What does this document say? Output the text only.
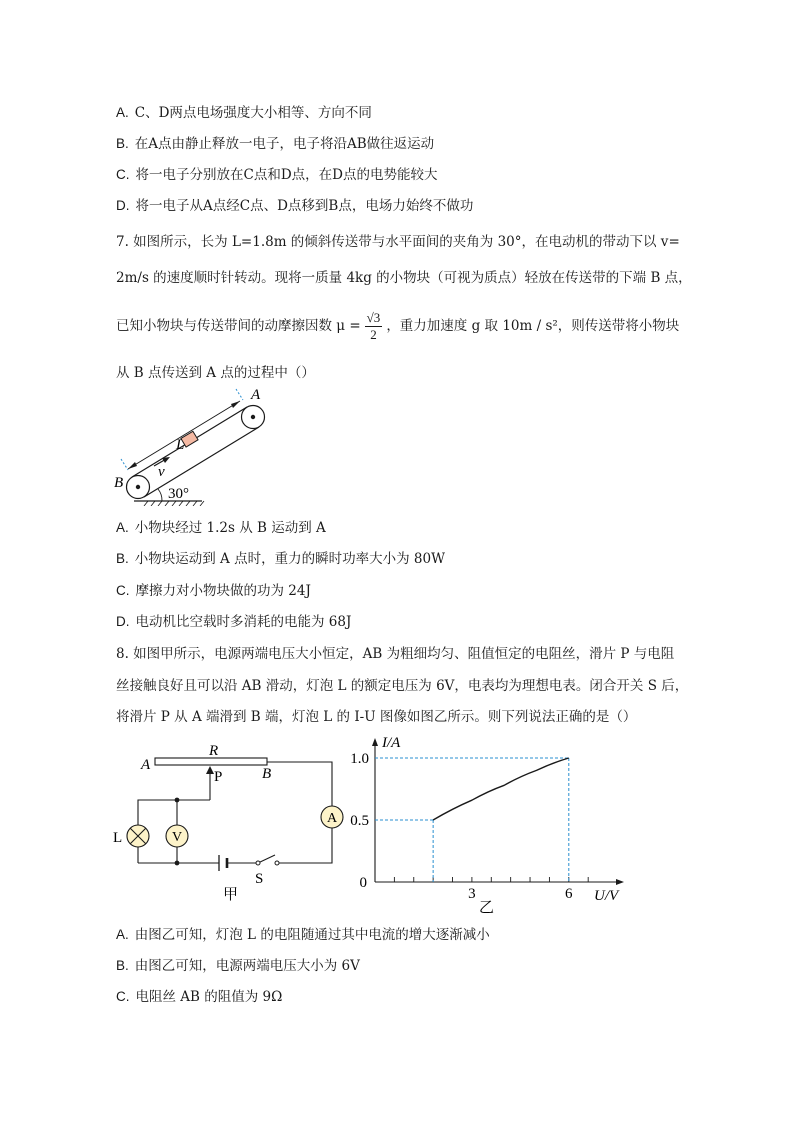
A. C、D两点电场强度大小相等、方向不同
B. 在A点由静止释放一电子，电子将沿AB做往返运动
C. 将一电子分别放在C点和D点，在D点的电势能较大
D. 将一电子从A点经C点、D点移到B点，电场力始终不做功
7. 如图所示，长为 L=1.8m 的倾斜传送带与水平面间的夹角为 30°，在电动机的带动下以 v=
2m/s 的速度顺时针转动。现将一质量 4kg 的小物块（可视为质点）轻放在传送带的下端 B 点，
已知小物块与传送带间的动摩擦因数 $\mu = \frac{√3}{2}$ ，重力加速度 g 取 10m / s²，则传送带将小物块
从 B 点传送到 A 点的过程中（）
L
A
B
v
30°
A. 小物块经过 1.2s 从 B 运动到 A
B. 小物块运动到 A 点时，重力的瞬时功率大小为 80W
C. 摩擦力对小物块做的功为 24J
D. 电动机比空载时多消耗的电能为 68J
8. 如图甲所示，电源两端电压大小恒定，AB 为粗细均匀、阻值恒定的电阻丝，滑片 P 与电阻
丝接触良好且可以沿 AB 滑动，灯泡 L 的额定电压为 6V，电表均为理想电表。闭合开关 S 后，
将滑片 P 从 A 端滑到 B 端，灯泡 L 的 I-U 图像如图乙所示。则下列说法正确的是（）
A
R
B
P
L	V
A
S
甲
I/A
U/V
1.0
0.5
0
3	6
乙
A. 由图乙可知，灯泡 L 的电阻随通过其中电流的增大逐渐减小
B. 由图乙可知，电源两端电压大小为 6V
C. 电阻丝 AB 的阻值为 9Ω
